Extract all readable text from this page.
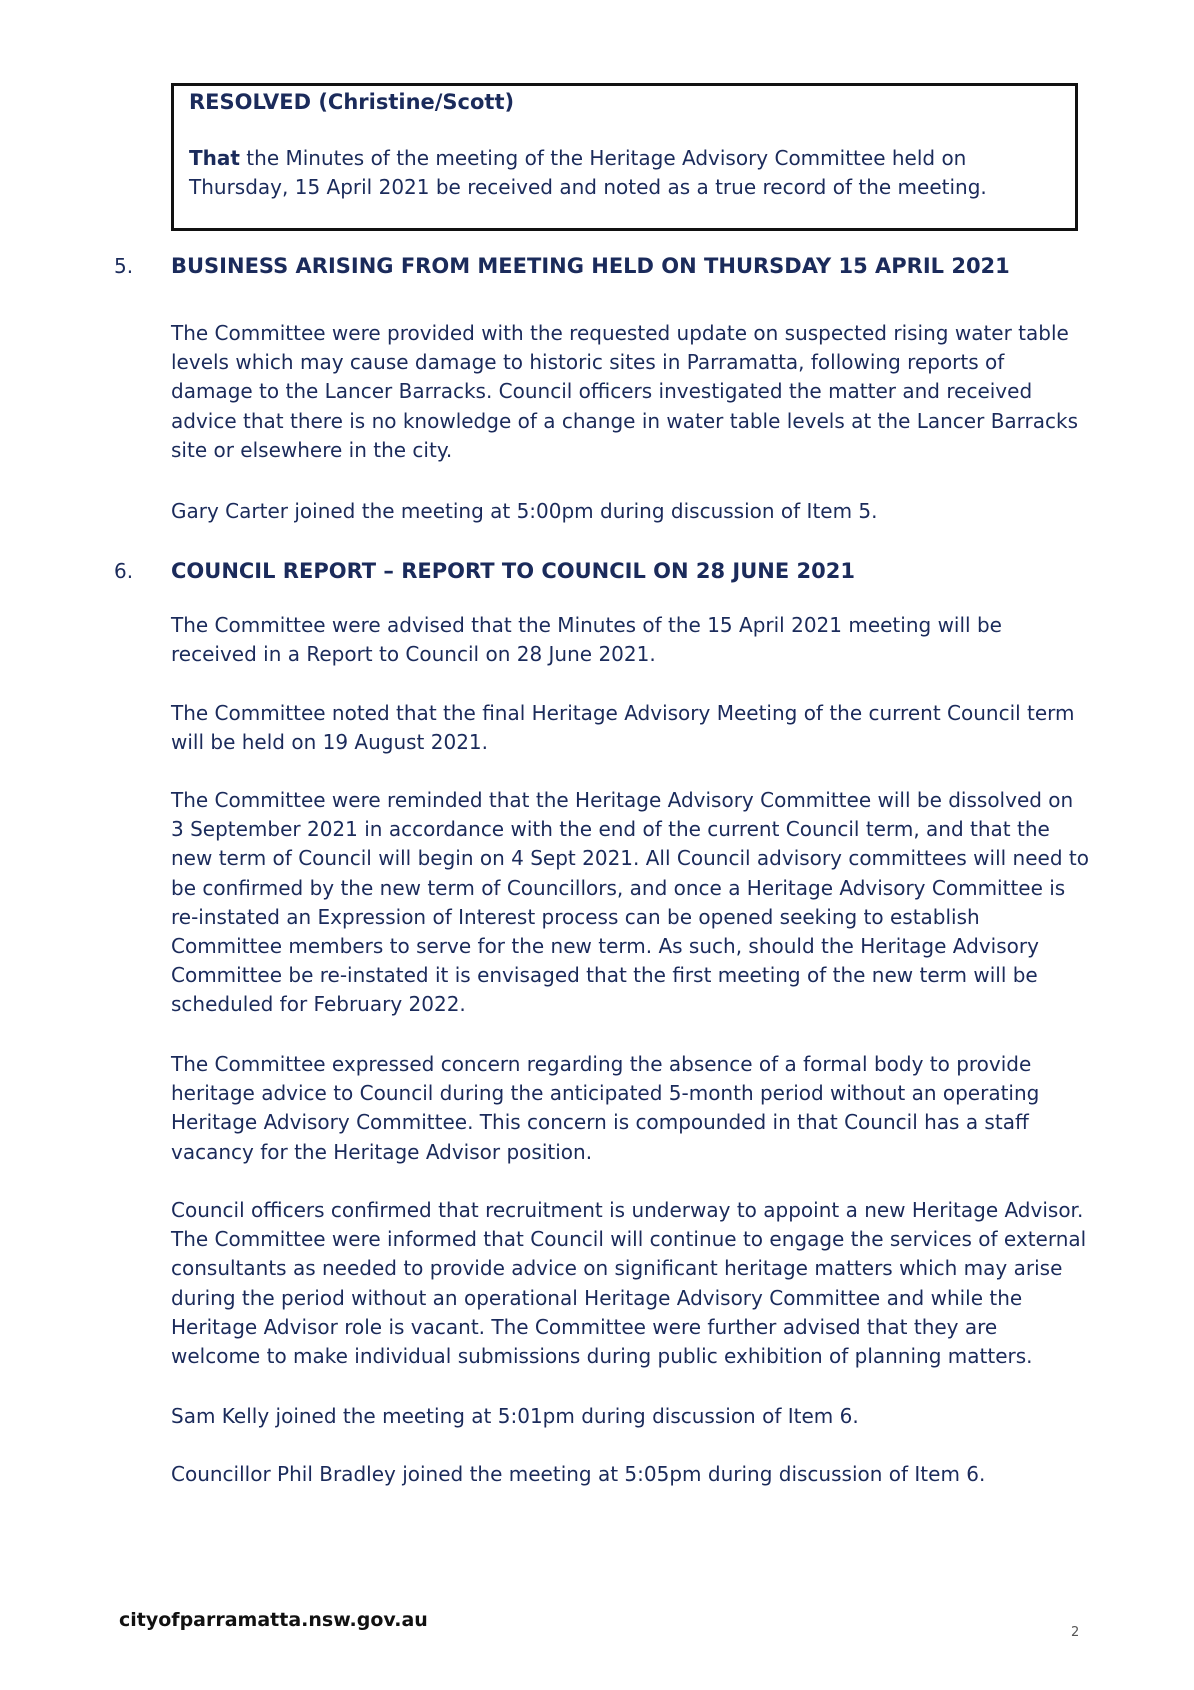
RESOLVED (Christine/Scott)
That the Minutes of the meeting of the Heritage Advisory Committee held on Thursday, 15 April 2021 be received and noted as a true record of the meeting.
5. BUSINESS ARISING FROM MEETING HELD ON THURSDAY 15 APRIL 2021

The Committee were provided with the requested update on suspected rising water table levels which may cause damage to historic sites in Parramatta, following reports of damage to the Lancer Barracks. Council officers investigated the matter and received advice that there is no knowledge of a change in water table levels at the Lancer Barracks site or elsewhere in the city.

Gary Carter joined the meeting at 5:00pm during discussion of Item 5.

6. COUNCIL REPORT – REPORT TO COUNCIL ON 28 JUNE 2021

The Committee were advised that the Minutes of the 15 April 2021 meeting will be received in a Report to Council on 28 June 2021.

The Committee noted that the final Heritage Advisory Meeting of the current Council term will be held on 19 August 2021.

The Committee were reminded that the Heritage Advisory Committee will be dissolved on 3 September 2021 in accordance with the end of the current Council term, and that the new term of Council will begin on 4 Sept 2021. All Council advisory committees will need to be confirmed by the new term of Councillors, and once a Heritage Advisory Committee is re-instated an Expression of Interest process can be opened seeking to establish Committee members to serve for the new term. As such, should the Heritage Advisory Committee be re-instated it is envisaged that the first meeting of the new term will be scheduled for February 2022.

The Committee expressed concern regarding the absence of a formal body to provide heritage advice to Council during the anticipated 5-month period without an operating Heritage Advisory Committee. This concern is compounded in that Council has a staff vacancy for the Heritage Advisor position.

Council officers confirmed that recruitment is underway to appoint a new Heritage Advisor. The Committee were informed that Council will continue to engage the services of external consultants as needed to provide advice on significant heritage matters which may arise during the period without an operational Heritage Advisory Committee and while the Heritage Advisor role is vacant. The Committee were further advised that they are welcome to make individual submissions during public exhibition of planning matters.

Sam Kelly joined the meeting at 5:01pm during discussion of Item 6.

Councillor Phil Bradley joined the meeting at 5:05pm during discussion of Item 6.

cityofparramatta.nsw.gov.au
2
